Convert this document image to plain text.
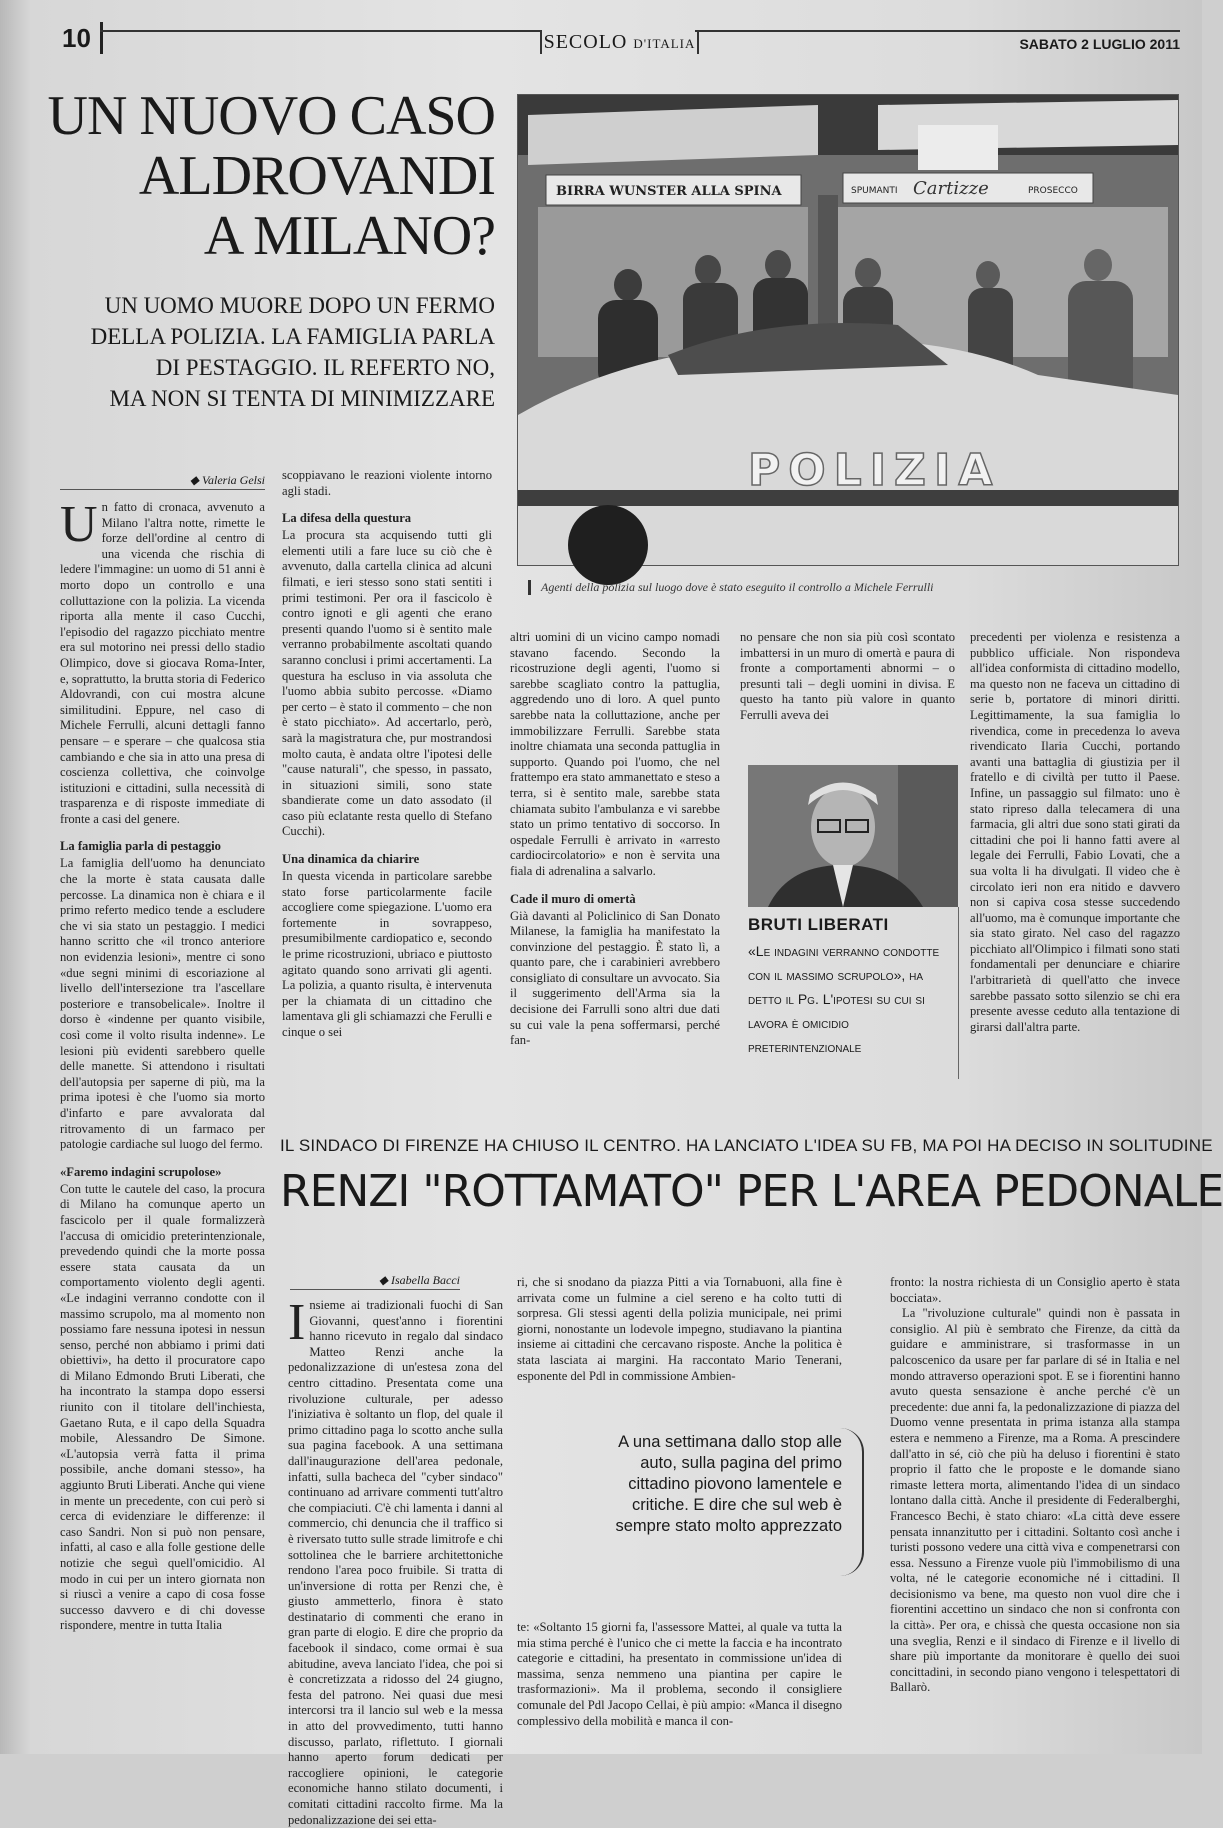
10	SECOLO D'ITALIA	SABATO 2 LUGLIO 2011
UN NUOVO CASO
ALDROVANDI
A MILANO?
UN UOMO MUORE DOPO UN FERMO
DELLA POLIZIA. LA FAMIGLIA PARLA
DI PESTAGGIO. IL REFERTO NO,
MA NON SI TENTA DI MINIMIZZARE
BIRRA WUNSTER ALLA SPINA	SPUMANTI Cartizze	PROSECCO
POLIZIA
Agenti della polizia sul luogo dove è stato eseguito il controllo a Michele Ferrulli
◆ Valeria Gelsi

Un fatto di cronaca, avvenuto a Milano l'altra notte, rimette le forze dell'ordine al centro di una vicenda che rischia di ledere l'immagine: un uomo di 51 anni è morto dopo un controllo e una colluttazione con la polizia. La vicenda riporta alla mente il caso Cucchi, l'episodio del ragazzo picchiato mentre era sul motorino nei pressi dello stadio Olimpico, dove si giocava Roma-Inter, e, soprattutto, la brutta storia di Federico Aldovrandi, con cui mostra alcune similitudini. Eppure, nel caso di Michele Ferrulli, alcuni dettagli fanno pensare – e sperare – che qualcosa stia cambiando e che sia in atto una presa di coscienza collettiva, che coinvolge istituzioni e cittadini, sulla necessità di trasparenza e di risposte immediate di fronte a casi del genere.

La famiglia parla di pestaggio

La famiglia dell'uomo ha denunciato che la morte è stata causata dalle percosse. La dinamica non è chiara e il primo referto medico tende a escludere che vi sia stato un pestaggio. I medici hanno scritto che «il tronco anteriore non evidenzia lesioni», mentre ci sono «due segni minimi di escoriazione al livello dell'intersezione tra l'ascellare posteriore e transobelicale». Inoltre il dorso è «indenne per quanto visibile, così come il volto risulta indenne». Le lesioni più evidenti sarebbero quelle delle manette. Si attendono i risultati dell'autopsia per saperne di più, ma la prima ipotesi è che l'uomo sia morto d'infarto e pare avvalorata dal ritrovamento di un farmaco per patologie cardiache sul luogo del fermo.

«Faremo indagini scrupolose»

Con tutte le cautele del caso, la procura di Milano ha comunque aperto un fascicolo per il quale formalizzerà l'accusa di omicidio preterintenzionale, prevedendo quindi che la morte possa essere stata causata da un comportamento violento degli agenti. «Le indagini verranno condotte con il massimo scrupolo, ma al momento non possiamo fare nessuna ipotesi in nessun senso, perché non abbiamo i primi dati obiettivi», ha detto il procuratore capo di Milano Edmondo Bruti Liberati, che ha incontrato la stampa dopo essersi riunito con il titolare dell'inchiesta, Gaetano Ruta, e il capo della Squadra mobile, Alessandro De Simone. «L'autopsia verrà fatta il prima possibile, anche domani stesso», ha aggiunto Bruti Liberati. Anche qui viene in mente un precedente, con cui però si cerca di evidenziare le differenze: il caso Sandri. Non si può non pensare, infatti, al caso e alla folle gestione delle notizie che seguì quell'omicidio. Al modo in cui per un intero giornata non si riuscì a venire a capo di cosa fosse successo davvero e di chi dovesse rispondere, mentre in tutta Italia

scoppiavano le reazioni violente intorno agli stadi.

La difesa della questura

La procura sta acquisendo tutti gli elementi utili a fare luce su ciò che è avvenuto, dalla cartella clinica ad alcuni filmati, e ieri stesso sono stati sentiti i primi testimoni. Per ora il fascicolo è contro ignoti e gli agenti che erano presenti quando l'uomo si è sentito male verranno probabilmente ascoltati quando saranno conclusi i primi accertamenti. La questura ha escluso in via assoluta che l'uomo abbia subito percosse. «Diamo per certo – è stato il commento – che non è stato picchiato». Ad accertarlo, però, sarà la magistratura che, pur mostrandosi molto cauta, è andata oltre l'ipotesi delle "cause naturali", che spesso, in passato, in situazioni simili, sono state sbandierate come un dato assodato (il caso più eclatante resta quello di Stefano Cucchi).

Una dinamica da chiarire

In questa vicenda in particolare sarebbe stato forse particolarmente facile accogliere come spiegazione. L'uomo era fortemente in sovrappeso, presumibilmente cardiopatico e, secondo le prime ricostruzioni, ubriaco e piuttosto agitato quando sono arrivati gli agenti. La polizia, a quanto risulta, è intervenuta per la chiamata di un cittadino che lamentava gli gli schiamazzi che Ferulli e cinque o sei

altri uomini di un vicino campo nomadi stavano facendo. Secondo la ricostruzione degli agenti, l'uomo si sarebbe scagliato contro la pattuglia, aggredendo uno di loro. A quel punto sarebbe nata la colluttazione, anche per immobilizzare Ferrulli. Sarebbe stata inoltre chiamata una seconda pattuglia in supporto. Quando poi l'uomo, che nel frattempo era stato ammanettato e steso a terra, si è sentito male, sarebbe stata chiamata subito l'ambulanza e vi sarebbe stato un primo tentativo di soccorso. In ospedale Ferrulli è arrivato in «arresto cardiocircolatorio» e non è servita una fiala di adrenalina a salvarlo.

Cade il muro di omertà

Già davanti al Policlinico di San Donato Milanese, la famiglia ha manifestato la convinzione del pestaggio. È stato lì, a quanto pare, che i carabinieri avrebbero consigliato di consultare un avvocato. Sia il suggerimento dell'Arma sia la decisione dei Farrulli sono altri due dati su cui vale la pena soffermarsi, perché fan-

no pensare che non sia più così scontato imbattersi in un muro di omertà e paura di fronte a comportamenti abnormi – o presunti tali – degli uomini in divisa. E questo ha tanto più valore in quanto Ferrulli aveva dei

BRUTI LIBERATI

«Le indagini verranno condotte con il massimo scrupolo», ha detto il Pg. L'ipotesi su cui si lavora è omicidio preterintenzionale

precedenti per violenza e resistenza a pubblico ufficiale. Non rispondeva all'idea conformista di cittadino modello, ma questo non ne faceva un cittadino di serie b, portatore di minori diritti. Legittimamente, la sua famiglia lo rivendica, come in precedenza lo aveva rivendicato Ilaria Cucchi, portando avanti una battaglia di giustizia per il fratello e di civiltà per tutto il Paese. Infine, un passaggio sul filmato: uno è stato ripreso dalla telecamera di una farmacia, gli altri due sono stati girati da cittadini che poi li hanno fatti avere al legale dei Ferrulli, Fabio Lovati, che a sua volta li ha divulgati. Il video che è circolato ieri non era nitido e davvero non si capiva cosa stesse succedendo all'uomo, ma è comunque importante che sia stato girato. Nel caso del ragazzo picchiato all'Olimpico i filmati sono stati fondamentali per denunciare e chiarire l'arbitrarietà di quell'atto che invece sarebbe passato sotto silenzio se chi era presente avesse ceduto alla tentazione di girarsi dall'altra parte.

IL SINDACO DI FIRENZE HA CHIUSO IL CENTRO. HA LANCIATO L'IDEA SU FB, MA POI HA DECISO IN SOLITUDINE
RENZI "ROTTAMATO" PER L'AREA PEDONALE
◆ Isabella Bacci

Insieme ai tradizionali fuochi di San Giovanni, quest'anno i fiorentini hanno ricevuto in regalo dal sindaco Matteo Renzi anche la pedonalizzazione di un'estesa zona del centro cittadino. Presentata come una rivoluzione culturale, per adesso l'iniziativa è soltanto un flop, del quale il primo cittadino paga lo scotto anche sulla sua pagina facebook. A una settimana dall'inaugurazione dell'area pedonale, infatti, sulla bacheca del "cyber sindaco" continuano ad arrivare commenti tutt'altro che compiaciuti. C'è chi lamenta i danni al commercio, chi denuncia che il traffico si è riversato tutto sulle strade limitrofe e chi sottolinea che le barriere architettoniche rendono l'area poco fruibile. Si tratta di un'inversione di rotta per Renzi che, è giusto ammetterlo, finora è stato destinatario di commenti che erano in gran parte di elogio. E dire che proprio da facebook il sindaco, come ormai è sua abitudine, aveva lanciato l'idea, che poi si è concretizzata a ridosso del 24 giugno, festa del patrono. Nei quasi due mesi intercorsi tra il lancio sul web e la messa in atto del provvedimento, tutti hanno discusso, parlato, riflettuto. I giornali hanno aperto forum dedicati per raccogliere opinioni, le categorie economiche hanno stilato documenti, i comitati cittadini raccolto firme. Ma la pedonalizzazione dei sei etta-

ri, che si snodano da piazza Pitti a via Tornabuoni, alla fine è arrivata come un fulmine a ciel sereno e ha colto tutti di sorpresa. Gli stessi agenti della polizia municipale, nei primi giorni, nonostante un lodevole impegno, studiavano la piantina insieme ai cittadini che cercavano risposte. Anche la politica è stata lasciata ai margini. Ha raccontato Mario Tenerani, esponente del Pdl in commissione Ambien-

A una settimana dallo stop alle auto, sulla pagina del primo cittadino piovono lamentele e critiche. E dire che sul web è sempre stato molto apprezzato

te: «Soltanto 15 giorni fa, l'assessore Mattei, al quale va tutta la mia stima perché è l'unico che ci mette la faccia e ha incontrato categorie e cittadini, ha presentato in commissione un'idea di massima, senza nemmeno una piantina per capire le trasformazioni». Ma il problema, secondo il consigliere comunale del Pdl Jacopo Cellai, è più ampio: «Manca il disegno complessivo della mobilità e manca il con-

fronto: la nostra richiesta di un Consiglio aperto è stata bocciata».

La "rivoluzione culturale" quindi non è passata in consiglio. Al più è sembrato che Firenze, da città da guidare e amministrare, si trasformasse in un palcoscenico da usare per far parlare di sé in Italia e nel mondo attraverso operazioni spot. E se i fiorentini hanno avuto questa sensazione è anche perché c'è un precedente: due anni fa, la pedonalizzazione di piazza del Duomo venne presentata in prima istanza alla stampa estera e nemmeno a Firenze, ma a Roma. A prescindere dall'atto in sé, ciò che più ha deluso i fiorentini è stato proprio il fatto che le proposte e le domande siano rimaste lettera morta, alimentando l'idea di un sindaco lontano dalla città. Anche il presidente di Federalberghi, Francesco Bechi, è stato chiaro: «La città deve essere pensata innanzitutto per i cittadini. Soltanto così anche i turisti possono vedere una città viva e compenetrarsi con essa. Nessuno a Firenze vuole più l'immobilismo di una volta, né le categorie economiche né i cittadini. Il decisionismo va bene, ma questo non vuol dire che i fiorentini accettino un sindaco che non si confronta con la città». Per ora, e chissà che questa occasione non sia una sveglia, Renzi e il sindaco di Firenze e il livello di share più importante da monitorare è quello dei suoi concittadini, in secondo piano vengono i telespettatori di Ballarò.
